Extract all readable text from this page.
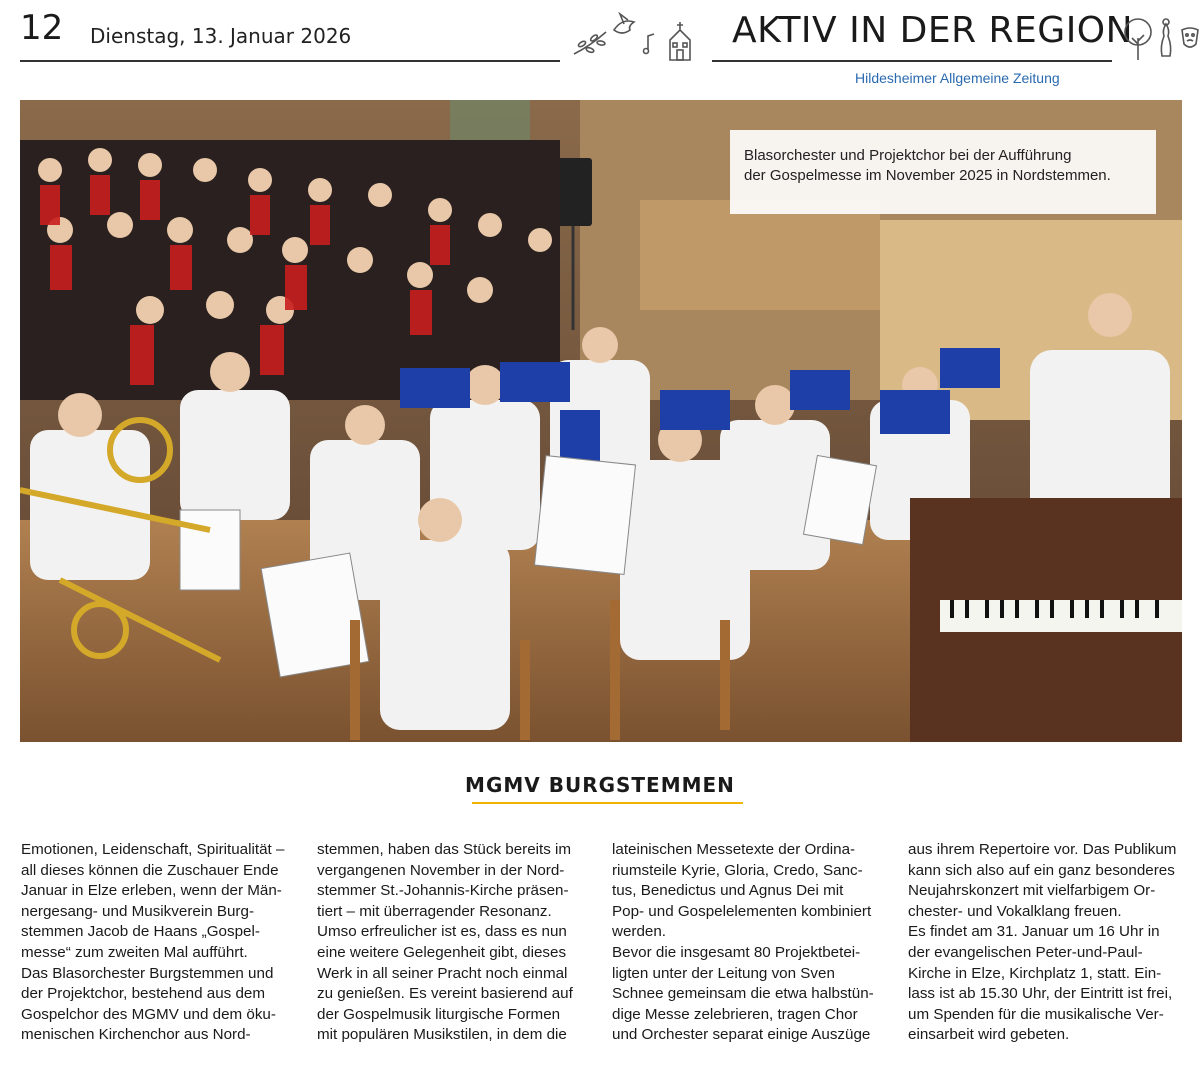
12 Dienstag, 13. Januar 2026	AKTIV IN DER REGION
Hildesheimer Allgemeine Zeitung
Blasorchester und Projektchor bei der Aufführung
der Gospelmesse im November 2025 in Nordstemmen.
MGMV BURGSTEMMEN
Emotionen, Leidenschaft, Spiritualität –
all dieses können die Zuschauer Ende
Januar in Elze erleben, wenn der Män-
nergesang- und Musikverein Burg-
stemmen Jacob de Haans „Gospel-
messe“ zum zweiten Mal aufführt.
Das Blasorchester Burgstemmen und
der Projektchor, bestehend aus dem
Gospelchor des MGMV und dem öku-
menischen Kirchenchor aus Nord-
stemmen, haben das Stück bereits im
vergangenen November in der Nord-
stemmer St.-Johannis-Kirche präsen-
tiert – mit überragender Resonanz.
Umso erfreulicher ist es, dass es nun
eine weitere Gelegenheit gibt, dieses
Werk in all seiner Pracht noch einmal
zu genießen. Es vereint basierend auf
der Gospelmusik liturgische Formen
mit populären Musikstilen, in dem die
lateinischen Messetexte der Ordina-
riumsteile Kyrie, Gloria, Credo, Sanc-
tus, Benedictus und Agnus Dei mit
Pop- und Gospelelementen kombiniert
werden.
Bevor die insgesamt 80 Projektbetei-
ligten unter der Leitung von Sven
Schnee gemeinsam die etwa halbstün-
dige Messe zelebrieren, tragen Chor
und Orchester separat einige Auszüge
aus ihrem Repertoire vor. Das Publikum
kann sich also auf ein ganz besonderes
Neujahrskonzert mit vielfarbigem Or-
chester- und Vokalklang freuen.
Es findet am 31. Januar um 16 Uhr in
der evangelischen Peter-und-Paul-
Kirche in Elze, Kirchplatz 1, statt. Ein-
lass ist ab 15.30 Uhr, der Eintritt ist frei,
um Spenden für die musikalische Ver-
einsarbeit wird gebeten.
